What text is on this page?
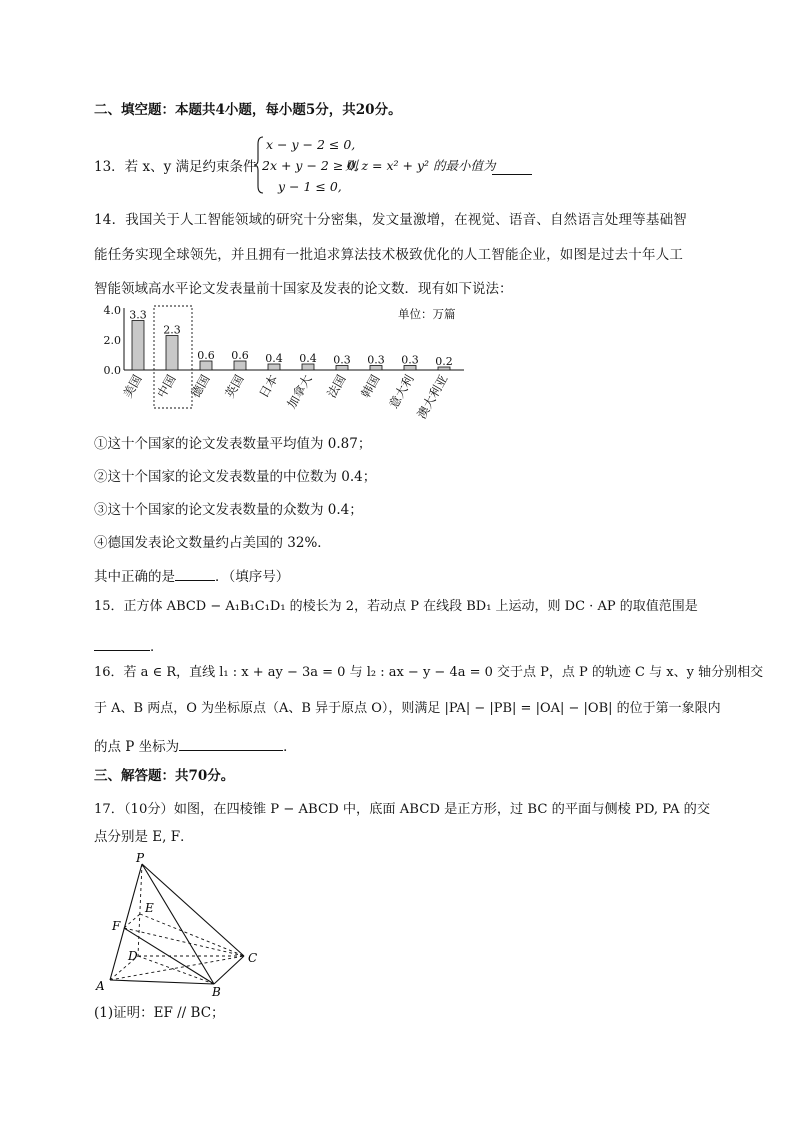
二、填空题：本题共4小题，每小题5分，共20分。
13．若 x、y 满足约束条件
x − y − 2 ≤ 0,
2x + y − 2 ≥ 0,
则 z = x² + y² 的最小值为
y − 1 ≤ 0,
14．我国关于人工智能领域的研究十分密集，发文量激增，在视觉、语音、自然语言处理等基础智
能任务实现全球领先，并且拥有一批追求算法技术极致优化的人工智能企业，如图是过去十年人工
智能领域高水平论文发表量前十国家及发表的论文数．现有如下说法：
4.0
2.0
0.0
单位：万篇
3.3
美国
2.3
中国
0.6
德国
0.6
英国
0.4
日本
0.4
加拿大
0.3
法国
0.3
韩国
0.3
意大利
0.2
澳大利亚
①这十个国家的论文发表数量平均值为 0.87；
②这十个国家的论文发表数量的中位数为 0.4；
③这十个国家的论文发表数量的众数为 0.4；
④德国发表论文数量约占美国的 32%．
其中正确的是	．（填序号）
15．正方体 ABCD − A₁B₁C₁D₁ 的棱长为 2，若动点 P 在线段 BD₁ 上运动，则 DC · AP 的取值范围是
．
16．若 a ∈ R，直线 l₁ : x + ay − 3a = 0 与 l₂ : ax − y − 4a = 0 交于点 P，点 P 的轨迹 C 与 x、y 轴分别相交
于 A、B 两点，O 为坐标原点（A、B 异于原点 O），则满足 |PA| − |PB| = |OA| − |OB| 的位于第一象限内
的点 P 坐标为	．
三、解答题：共70分。
17．（10分）如图，在四棱锥 P − ABCD 中，底面 ABCD 是正方形，过 BC 的平面与侧棱 PD, PA 的交
点分别是 E, F．
P
E
F
D	C
A	B
(1)证明：EF // BC；
